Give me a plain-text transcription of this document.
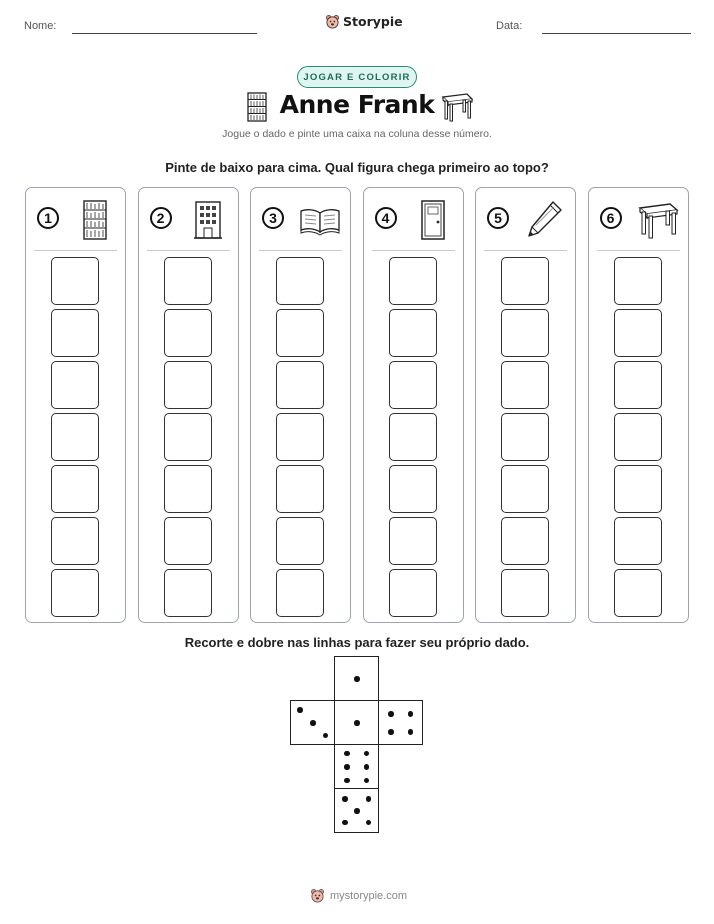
Nome:	Storypie	Data:
JOGAR E COLORIR
Anne Frank
Jogue o dado e pinte uma caixa na coluna desse número.
Pinte de baixo para cima. Qual figura chega primeiro ao topo?
1	2	3	4	5	6
Recorte e dobre nas linhas para fazer seu próprio dado.
mystorypie.com
